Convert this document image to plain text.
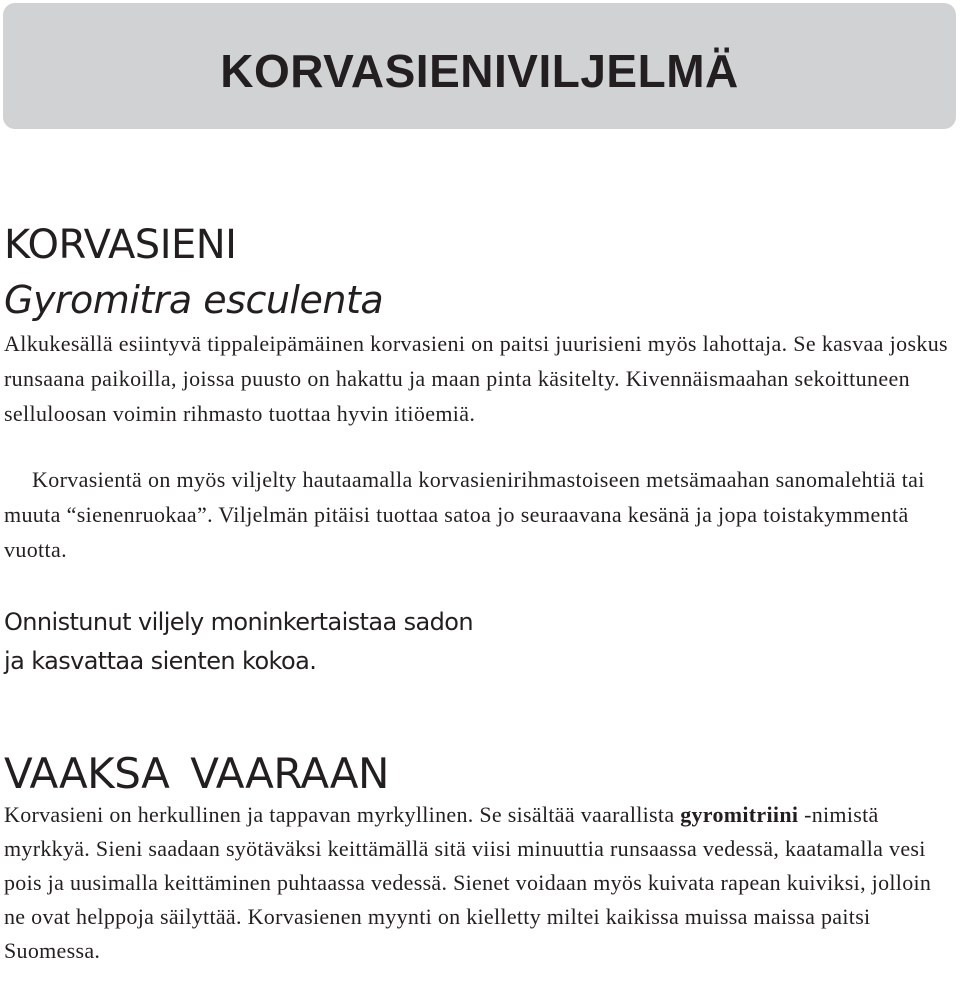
KORVASIENIVILJELMÄ
KORVASIENI
Gyromitra esculenta

Alkukesällä esiintyvä tippaleipämäinen korvasieni on paitsi juurisieni myös lahottaja. Se kasvaa joskus runsaana paikoilla, joissa puusto on hakattu ja maan pinta käsitelty. Kivennäismaahan sekoittuneen selluloosan voimin rihmasto tuottaa hyvin itiöemiä.

Korvasientä on myös viljelty hautaamalla korvasienirihmastoiseen metsämaahan sanomalehtiä tai muuta “sienenruokaa”. Viljelmän pitäisi tuottaa satoa jo seuraavana kesänä ja jopa toistakymmentä vuotta.

Onnistunut viljely moninkertaistaa sadon
ja kasvattaa sienten kokoa.

VAAKSA VAARAAN

Korvasieni on herkullinen ja tappavan myrkyllinen. Se sisältää vaarallista gyromitriini -nimistä myrkkyä. Sieni saadaan syötäväksi keittämällä sitä viisi minuuttia runsaassa vedessä, kaatamalla vesi pois ja uusimalla keittäminen puhtaassa vedessä. Sienet voidaan myös kuivata rapean kuiviksi, jolloin ne ovat helppoja säilyttää. Korvasienen myynti on kielletty miltei kaikissa muissa maissa paitsi Suomessa.
